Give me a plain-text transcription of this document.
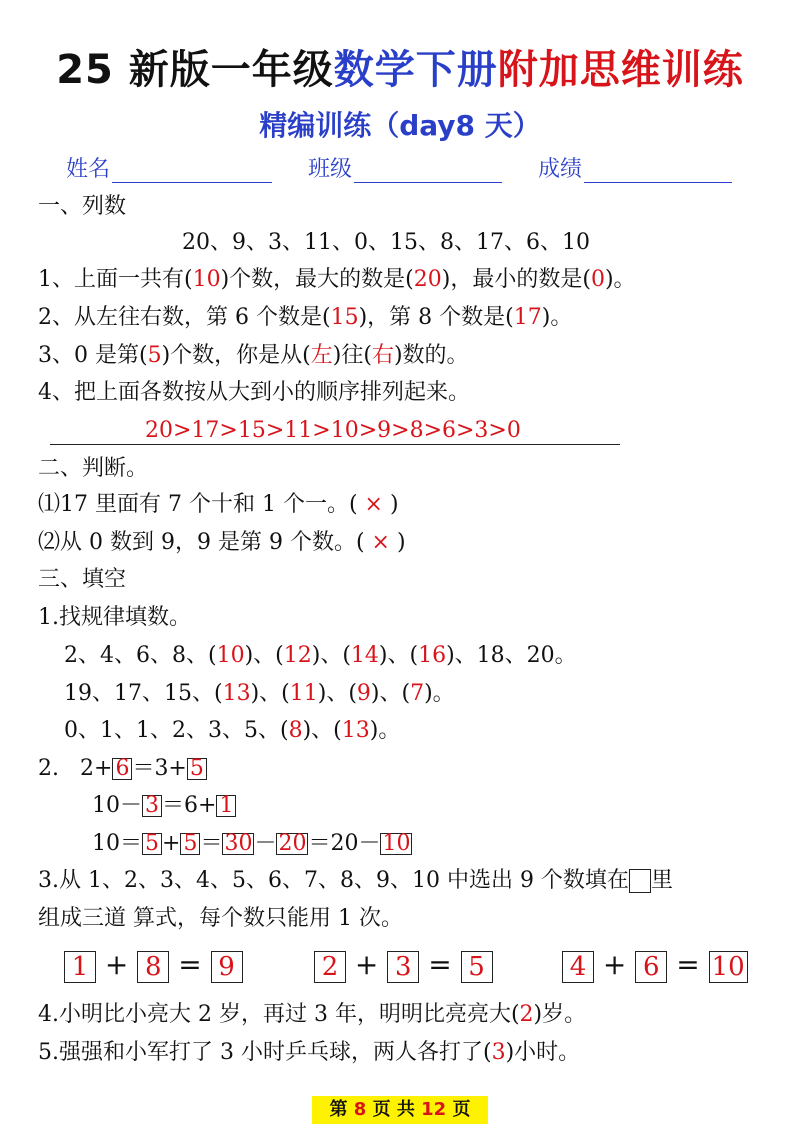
25 新版一年级数学下册附加思维训练
精编训练（day8 天）
姓名	班级	成绩
一、列数
20、9、3、11、0、15、8、17、6、10
1、上面一共有(10)个数，最大的数是(20)，最小的数是(0)。
2、从左往右数，第 6 个数是(15)，第 8 个数是(17)。
3、0 是第(5)个数，你是从(左)往(右)数的。
4、把上面各数按从大到小的顺序排列起来。
20>17>15>11>10>9>8>6>3>0
二、判断。
⑴17 里面有 7 个十和 1 个一。( × )
⑵从 0 数到 9，9 是第 9 个数。( × )
三、填空
1.找规律填数。
2、4、6、8、(10)、(12)、(14)、(16)、18、20。
19、17、15、(13)、(11)、(9)、(7)。
0、1、1、2、3、5、(8)、(13)。
2. 2+ 6 ＝3+ 5
10－ 3 ＝6+ 1
10＝ 5 + 5 ＝30－20＝20－10
3.从 1、2、3、4、5、6、7、8、9、10 中选出 9 个数填在 里
组成三道 算式，每个数只能用 1 次。
1 + 8 = 9	2 + 3 = 5	4 + 6 = 10
4.小明比小亮大 2 岁，再过 3 年，明明比亮亮大(2)岁。
5.强强和小军打了 3 小时乒乓球，两人各打了(3)小时。
第 8 页 共 12 页
